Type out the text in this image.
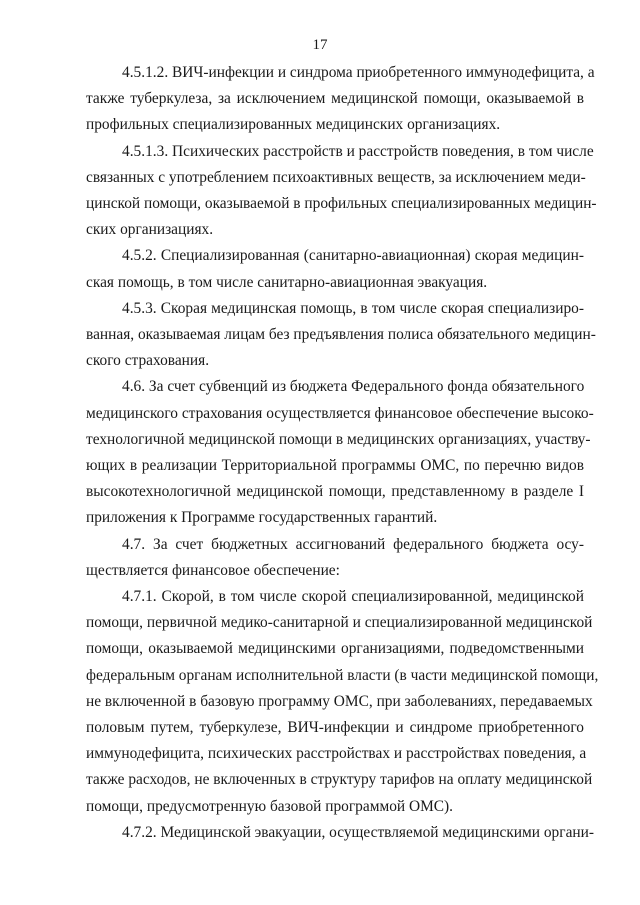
17
4.5.1.2. ВИЧ-инфекции и синдрома приобретенного иммунодефицита, а
также туберкулеза, за исключением медицинской помощи, оказываемой в
профильных специализированных медицинских организациях.
4.5.1.3. Психических расстройств и расстройств поведения, в том числе
связанных с употреблением психоактивных веществ, за исключением меди-
цинской помощи, оказываемой в профильных специализированных медицин-
ских организациях.
4.5.2. Специализированная (санитарно-авиационная) скорая медицин-
ская помощь, в том числе санитарно-авиационная эвакуация.
4.5.3. Скорая медицинская помощь, в том числе скорая специализиро-
ванная, оказываемая лицам без предъявления полиса обязательного медицин-
ского страхования.
4.6. За счет субвенций из бюджета Федерального фонда обязательного
медицинского страхования осуществляется финансовое обеспечение высоко-
технологичной медицинской помощи в медицинских организациях, участву-
ющих в реализации Территориальной программы ОМС, по перечню видов
высокотехнологичной медицинской помощи, представленному в разделе I
приложения к Программе государственных гарантий.
4.7. За счет бюджетных ассигнований федерального бюджета осу-
ществляется финансовое обеспечение:
4.7.1. Скорой, в том числе скорой специализированной, медицинской
помощи, первичной медико-санитарной и специализированной медицинской
помощи, оказываемой медицинскими организациями, подведомственными
федеральным органам исполнительной власти (в части медицинской помощи,
не включенной в базовую программу ОМС, при заболеваниях, передаваемых
половым путем, туберкулезе, ВИЧ-инфекции и синдроме приобретенного
иммунодефицита, психических расстройствах и расстройствах поведения, а
также расходов, не включенных в структуру тарифов на оплату медицинской
помощи, предусмотренную базовой программой ОМС).
4.7.2. Медицинской эвакуации, осуществляемой медицинскими органи-
